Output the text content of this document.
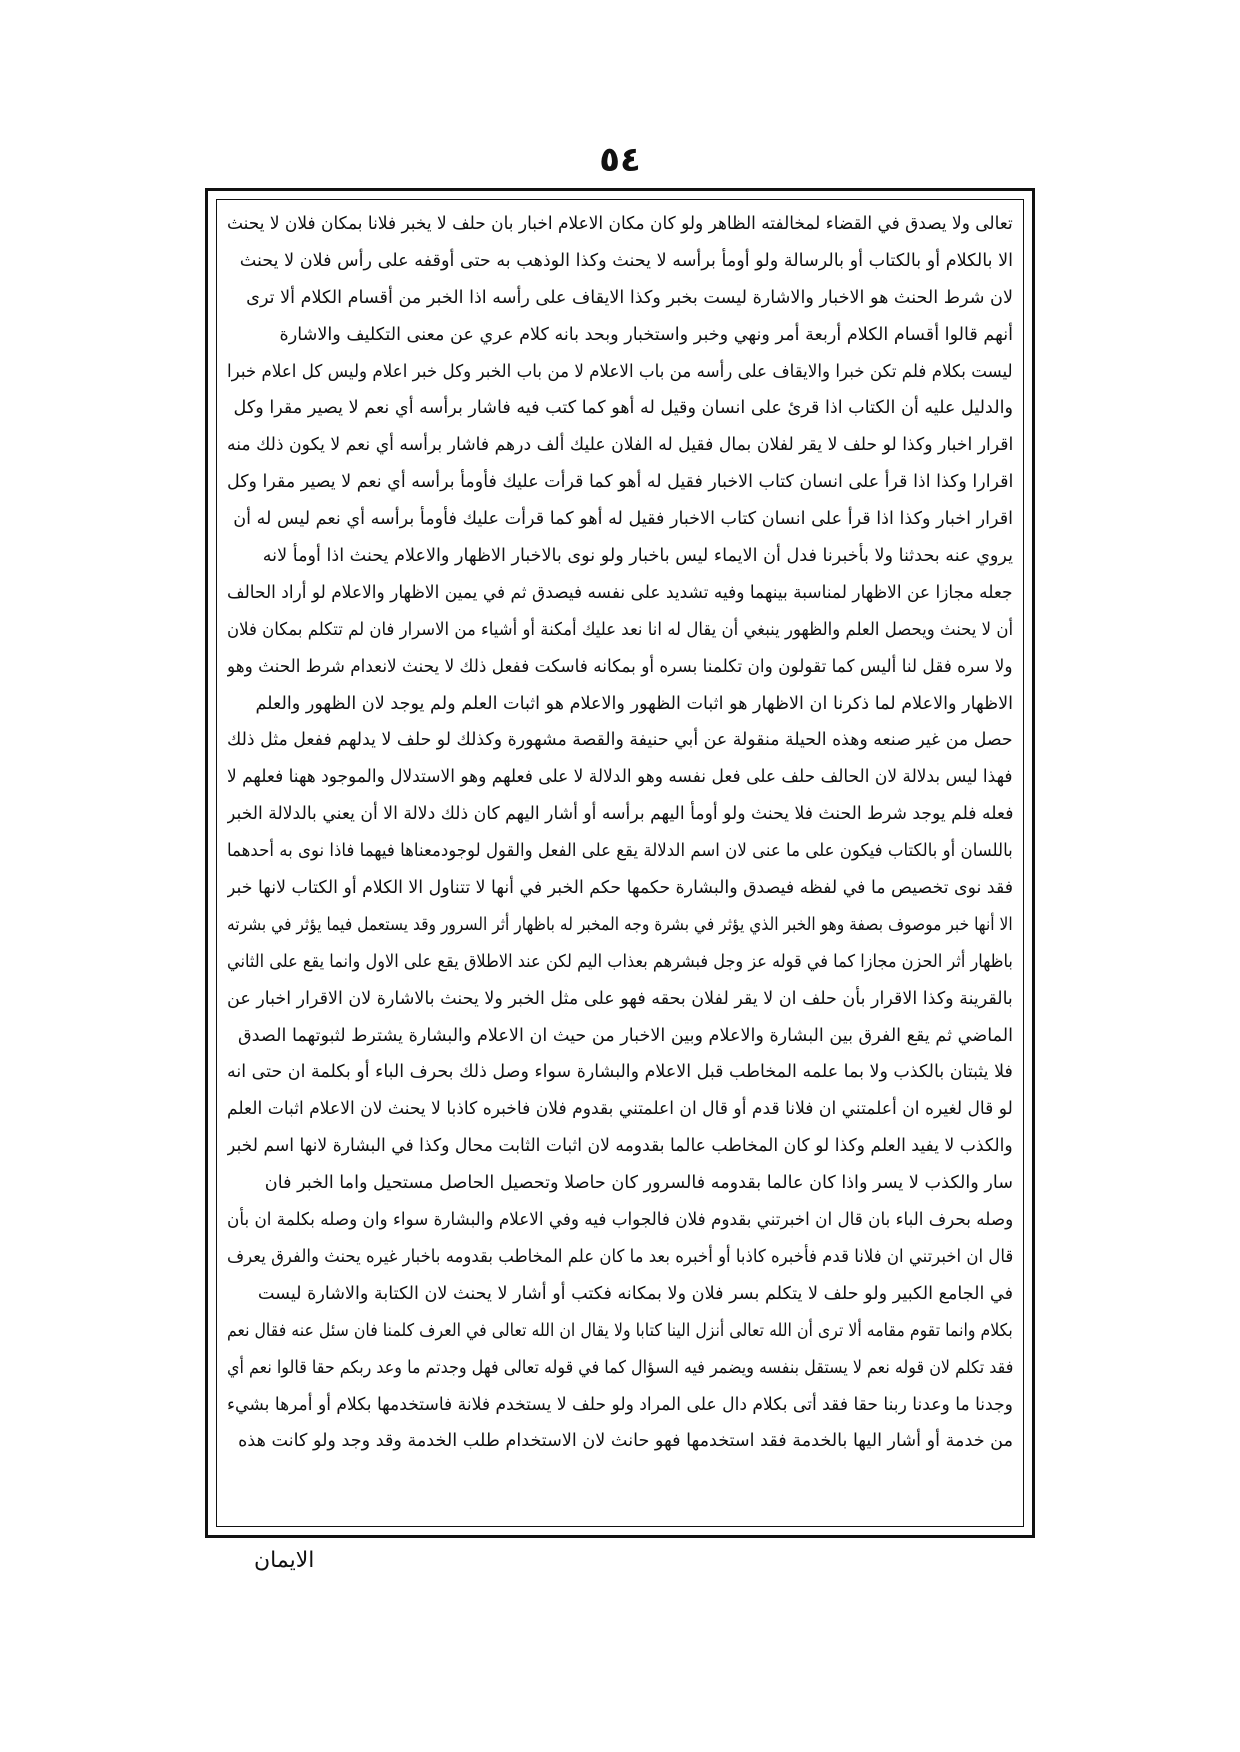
٥٤
تعالى ولا يصدق في القضاء لمخالفته الظاهر ولو كان مكان الاعلام اخبار بان حلف لا يخبر فلانا بمكان فلان لا يحنث
الا بالكلام أو بالكتاب أو بالرسالة ولو أومأ برأسه لا يحنث وكذا الوذهب به حتى أوقفه على رأس فلان لا يحنث
لان شرط الحنث هو الاخبار والاشارة ليست بخبر وكذا الايقاف على رأسه اذا الخبر من أقسام الكلام ألا ترى
أنهم قالوا أقسام الكلام أربعة أمر ونهي وخبر واستخبار وبحد بانه كلام عري عن معنى التكليف والاشارة
ليست بكلام فلم تكن خبرا والايقاف على رأسه من باب الاعلام لا من باب الخبر وكل خبر اعلام وليس كل اعلام خبرا
والدليل عليه أن الكتاب اذا قرئ على انسان وقيل له أهو كما كتب فيه فاشار برأسه أي نعم لا يصير مقرا وكل
اقرار اخبار وكذا لو حلف لا يقر لفلان بمال فقيل له الفلان عليك ألف درهم فاشار برأسه أي نعم لا يكون ذلك منه
اقرارا وكذا اذا قرأ على انسان كتاب الاخبار فقيل له أهو كما قرأت عليك فأومأ برأسه أي نعم لا يصير مقرا وكل
اقرار اخبار وكذا اذا قرأ على انسان كتاب الاخبار فقيل له أهو كما قرأت عليك فأومأ برأسه أي نعم ليس له أن
يروي عنه بحدثنا ولا بأخبرنا فدل أن الايماء ليس باخبار ولو نوى بالاخبار الاظهار والاعلام يحنث اذا أومأ لانه
جعله مجازا عن الاظهار لمناسبة بينهما وفيه تشديد على نفسه فيصدق ثم في يمين الاظهار والاعلام لو أراد الحالف
أن لا يحنث ويحصل العلم والظهور ينبغي أن يقال له انا نعد عليك أمكنة أو أشياء من الاسرار فان لم تتكلم بمكان فلان
ولا سره فقل لنا أليس كما تقولون وان تكلمنا بسره أو بمكانه فاسكت ففعل ذلك لا يحنث لانعدام شرط الحنث وهو
الاظهار والاعلام لما ذكرنا ان الاظهار هو اثبات الظهور والاعلام هو اثبات العلم ولم يوجد لان الظهور والعلم
حصل من غير صنعه وهذه الحيلة منقولة عن أبي حنيفة والقصة مشهورة وكذلك لو حلف لا يدلهم ففعل مثل ذلك
فهذا ليس بدلالة لان الحالف حلف على فعل نفسه وهو الدلالة لا على فعلهم وهو الاستدلال والموجود ههنا فعلهم لا
فعله فلم يوجد شرط الحنث فلا يحنث ولو أومأ اليهم برأسه أو أشار اليهم كان ذلك دلالة الا أن يعني بالدلالة الخبر
باللسان أو بالكتاب فيكون على ما عنى لان اسم الدلالة يقع على الفعل والقول لوجودمعناها فيهما فاذا نوى به أحدهما
فقد نوى تخصيص ما في لفظه فيصدق والبشارة حكمها حكم الخبر في أنها لا تتناول الا الكلام أو الكتاب لانها خبر
الا أنها خبر موصوف بصفة وهو الخبر الذي يؤثر في بشرة وجه المخبر له باظهار أثر السرور وقد يستعمل فيما يؤثر في بشرته
باظهار أثر الحزن مجازا كما في قوله عز وجل فبشرهم بعذاب اليم لكن عند الاطلاق يقع على الاول وانما يقع على الثاني
بالقرينة وكذا الاقرار بأن حلف ان لا يقر لفلان بحقه فهو على مثل الخبر ولا يحنث بالاشارة لان الاقرار اخبار عن
الماضي ثم يقع الفرق بين البشارة والاعلام وبين الاخبار من حيث ان الاعلام والبشارة يشترط لثبوتهما الصدق
فلا يثبتان بالكذب ولا بما علمه المخاطب قبل الاعلام والبشارة سواء وصل ذلك بحرف الباء أو بكلمة ان حتى انه
لو قال لغيره ان أعلمتني ان فلانا قدم أو قال ان اعلمتني بقدوم فلان فاخبره كاذبا لا يحنث لان الاعلام اثبات العلم
والكذب لا يفيد العلم وكذا لو كان المخاطب عالما بقدومه لان اثبات الثابت محال وكذا في البشارة لانها اسم لخبر
سار والكذب لا يسر واذا كان عالما بقدومه فالسرور كان حاصلا وتحصيل الحاصل مستحيل واما الخبر فان
وصله بحرف الباء بان قال ان اخبرتني بقدوم فلان فالجواب فيه وفي الاعلام والبشارة سواء وان وصله بكلمة ان بأن
قال ان اخبرتني ان فلانا قدم فأخبره كاذبا أو أخبره بعد ما كان علم المخاطب بقدومه باخبار غيره يحنث والفرق يعرف
في الجامع الكبير ولو حلف لا يتكلم بسر فلان ولا بمكانه فكتب أو أشار لا يحنث لان الكتابة والاشارة ليست
بكلام وانما تقوم مقامه ألا ترى أن الله تعالى أنزل الينا كتابا ولا يقال ان الله تعالى في العرف كلمنا فان سئل عنه فقال نعم
فقد تكلم لان قوله نعم لا يستقل بنفسه ويضمر فيه السؤال كما في قوله تعالى فهل وجدتم ما وعد ربكم حقا قالوا نعم أي
وجدنا ما وعدنا ربنا حقا فقد أتى بكلام دال على المراد ولو حلف لا يستخدم فلانة فاستخدمها بكلام أو أمرها بشيء
من خدمة أو أشار اليها بالخدمة فقد استخدمها فهو حانث لان الاستخدام طلب الخدمة وقد وجد ولو كانت هذه
الايمان
